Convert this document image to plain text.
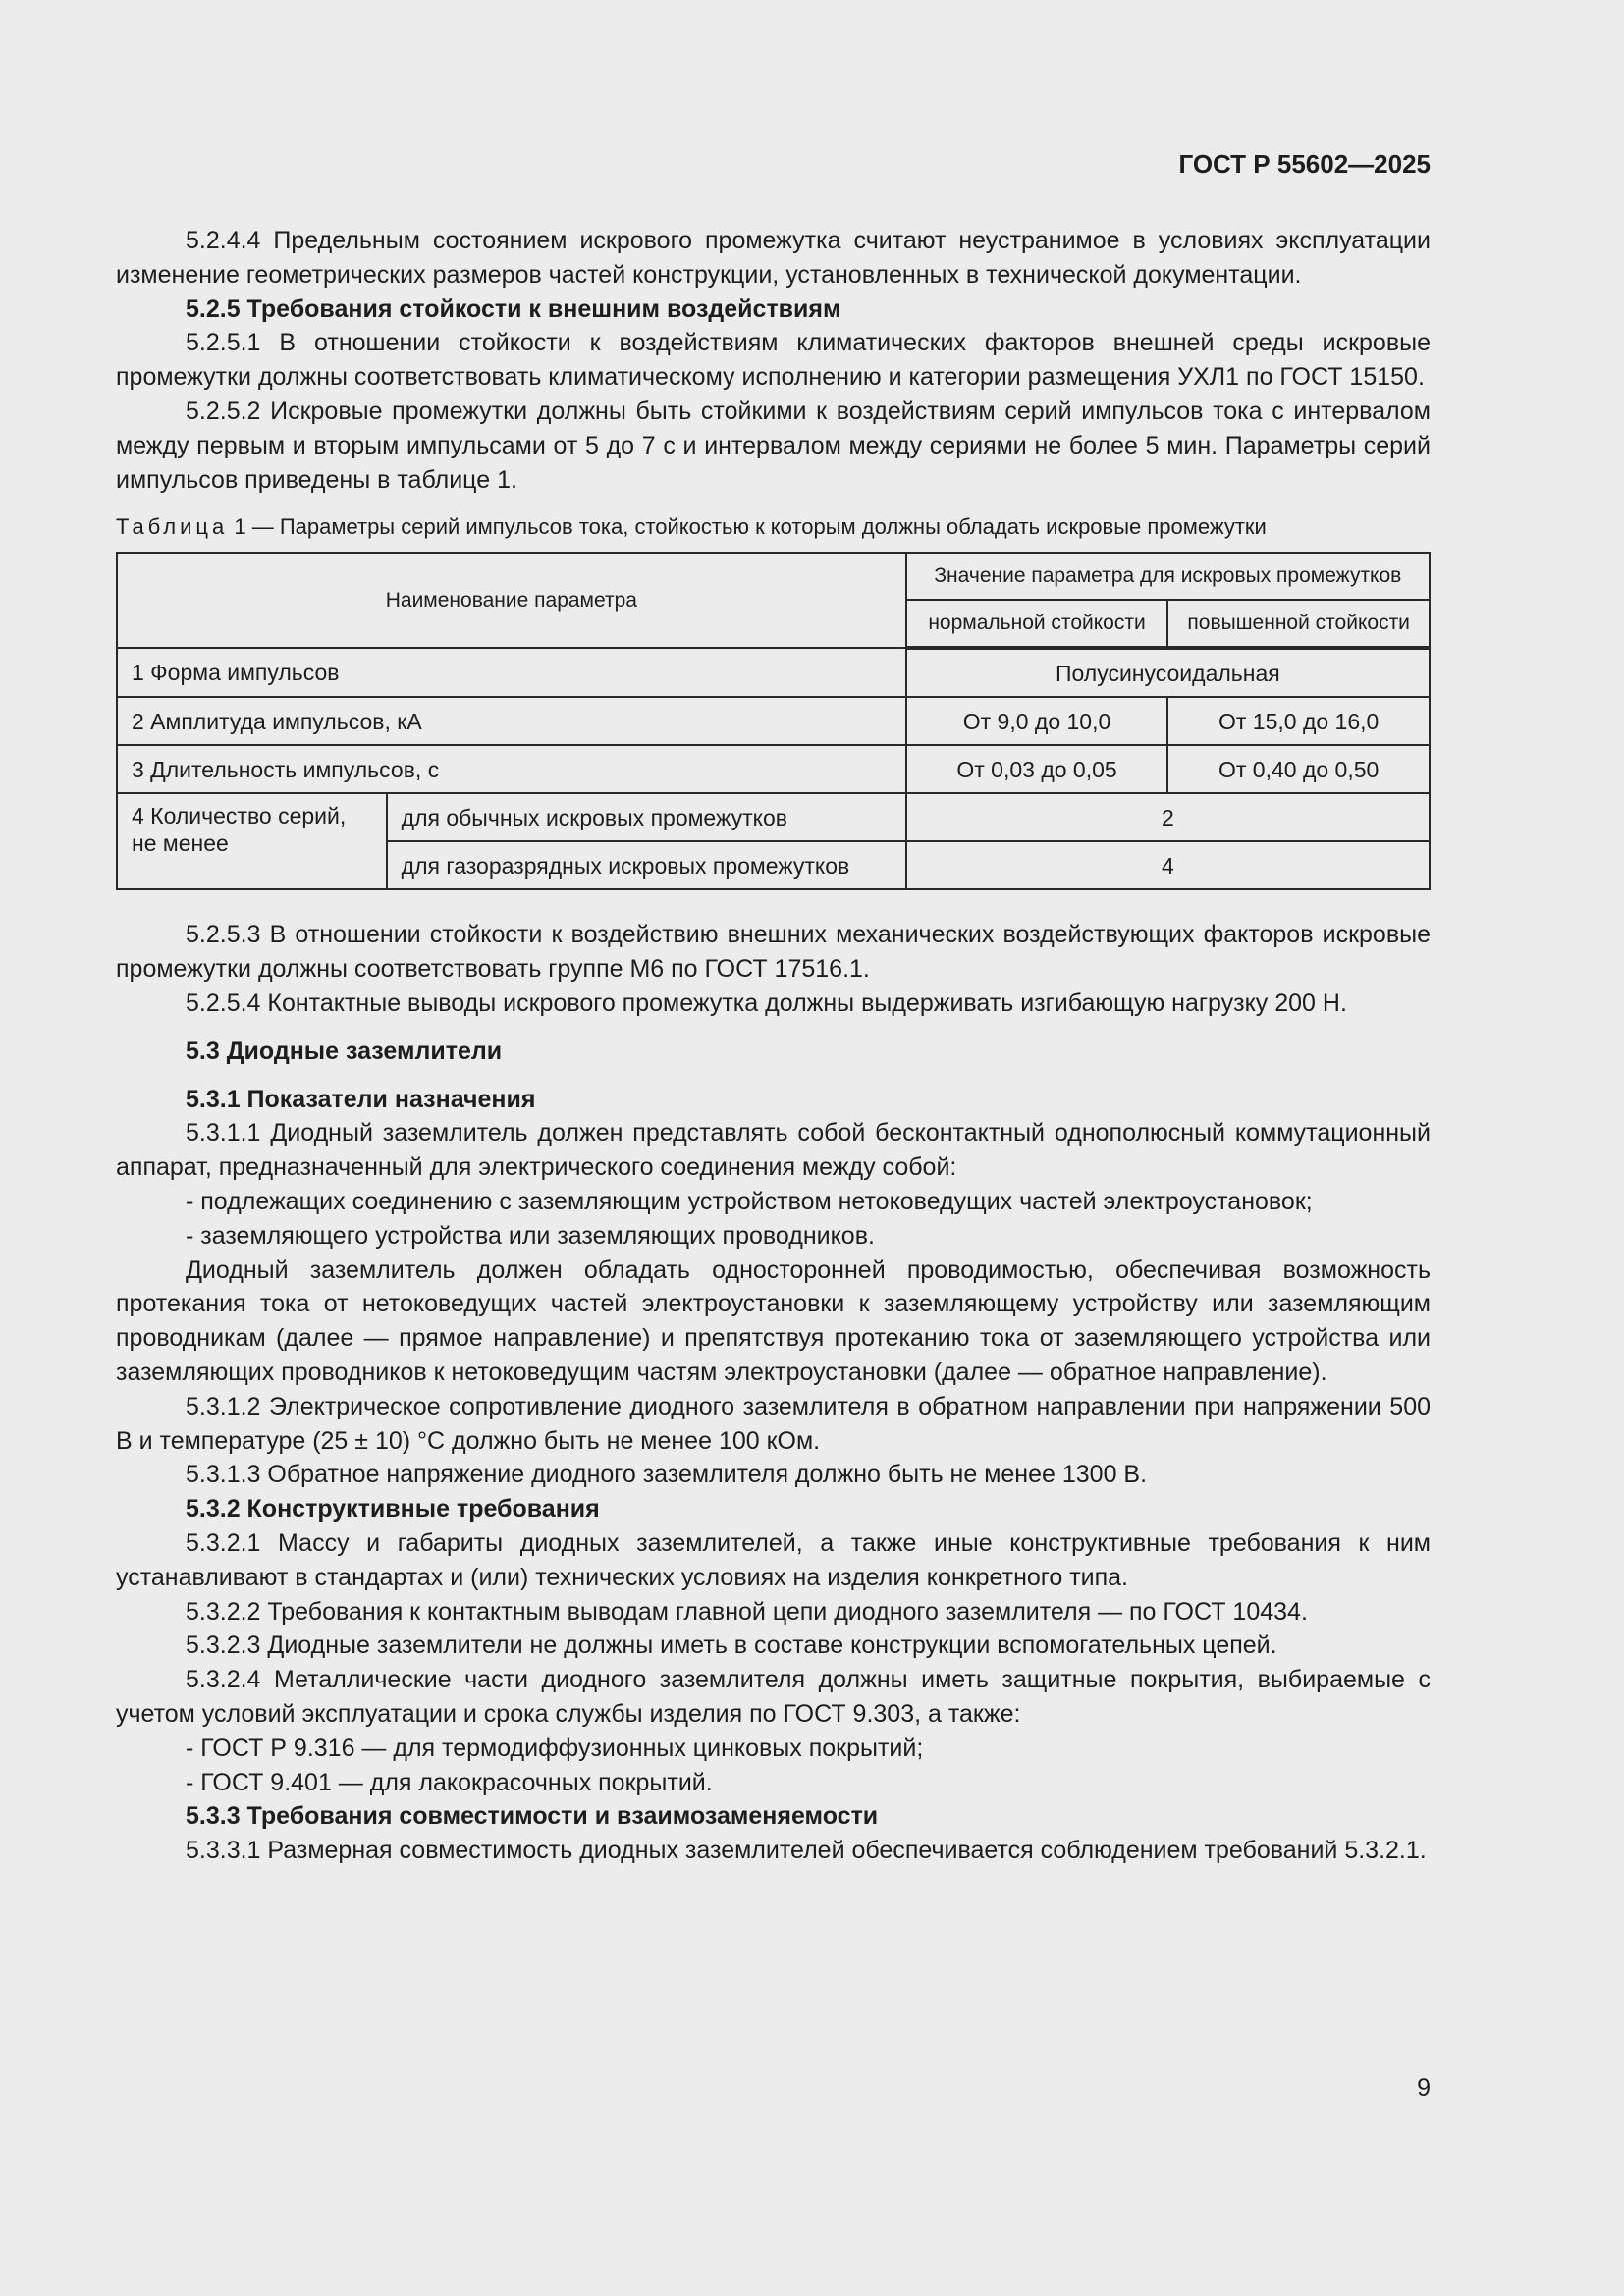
ГОСТ Р 55602—2025

5.2.4.4 Предельным состоянием искрового промежутка считают неустранимое в условиях эксплуатации изменение геометрических размеров частей конструкции, установленных в технической документации.

5.2.5 Требования стойкости к внешним воздействиям

5.2.5.1 В отношении стойкости к воздействиям климатических факторов внешней среды искровые промежутки должны соответствовать климатическому исполнению и категории размещения УХЛ1 по ГОСТ 15150.

5.2.5.2 Искровые промежутки должны быть стойкими к воздействиям серий импульсов тока с интервалом между первым и вторым импульсами от 5 до 7 с и интервалом между сериями не более 5 мин. Параметры серий импульсов приведены в таблице 1.

Таблица 1 — Параметры серий импульсов тока, стойкостью к которым должны обладать искровые промежутки
Наименование параметра		Значение параметра для искровых промежутков	
		нормальной стойкости	повышенной стойкости
1 Форма импульсов		Полусинусоидальная	
2 Амплитуда импульсов, кА		От 9,0 до 10,0	От 15,0 до 16,0
3 Длительность импульсов, с		От 0,03 до 0,05	От 0,40 до 0,50
4 Количество серий, не менее	для обычных искровых промежутков	2	
	для газоразрядных искровых промежутков	4	

5.2.5.3 В отношении стойкости к воздействию внешних механических воздействующих факторов искровые промежутки должны соответствовать группе М6 по ГОСТ 17516.1.

5.2.5.4 Контактные выводы искрового промежутка должны выдерживать изгибающую нагрузку 200 Н.

5.3 Диодные заземлители

5.3.1 Показатели назначения

5.3.1.1 Диодный заземлитель должен представлять собой бесконтактный однополюсный коммутационный аппарат, предназначенный для электрического соединения между собой:

- подлежащих соединению с заземляющим устройством нетоковедущих частей электроустановок;

- заземляющего устройства или заземляющих проводников.

Диодный заземлитель должен обладать односторонней проводимостью, обеспечивая возможность протекания тока от нетоковедущих частей электроустановки к заземляющему устройству или заземляющим проводникам (далее — прямое направление) и препятствуя протеканию тока от заземляющего устройства или заземляющих проводников к нетоковедущим частям электроустановки (далее — обратное направление).

5.3.1.2 Электрическое сопротивление диодного заземлителя в обратном направлении при напряжении 500 В и температуре (25 ± 10) °С должно быть не менее 100 кОм.

5.3.1.3 Обратное напряжение диодного заземлителя должно быть не менее 1300 В.

5.3.2 Конструктивные требования

5.3.2.1 Массу и габариты диодных заземлителей, а также иные конструктивные требования к ним устанавливают в стандартах и (или) технических условиях на изделия конкретного типа.

5.3.2.2 Требования к контактным выводам главной цепи диодного заземлителя — по ГОСТ 10434.

5.3.2.3 Диодные заземлители не должны иметь в составе конструкции вспомогательных цепей.

5.3.2.4 Металлические части диодного заземлителя должны иметь защитные покрытия, выбираемые с учетом условий эксплуатации и срока службы изделия по ГОСТ 9.303, а также:

- ГОСТ Р 9.316 — для термодиффузионных цинковых покрытий;

- ГОСТ 9.401 — для лакокрасочных покрытий.

5.3.3 Требования совместимости и взаимозаменяемости

5.3.3.1 Размерная совместимость диодных заземлителей обеспечивается соблюдением требований 5.3.2.1.

9
